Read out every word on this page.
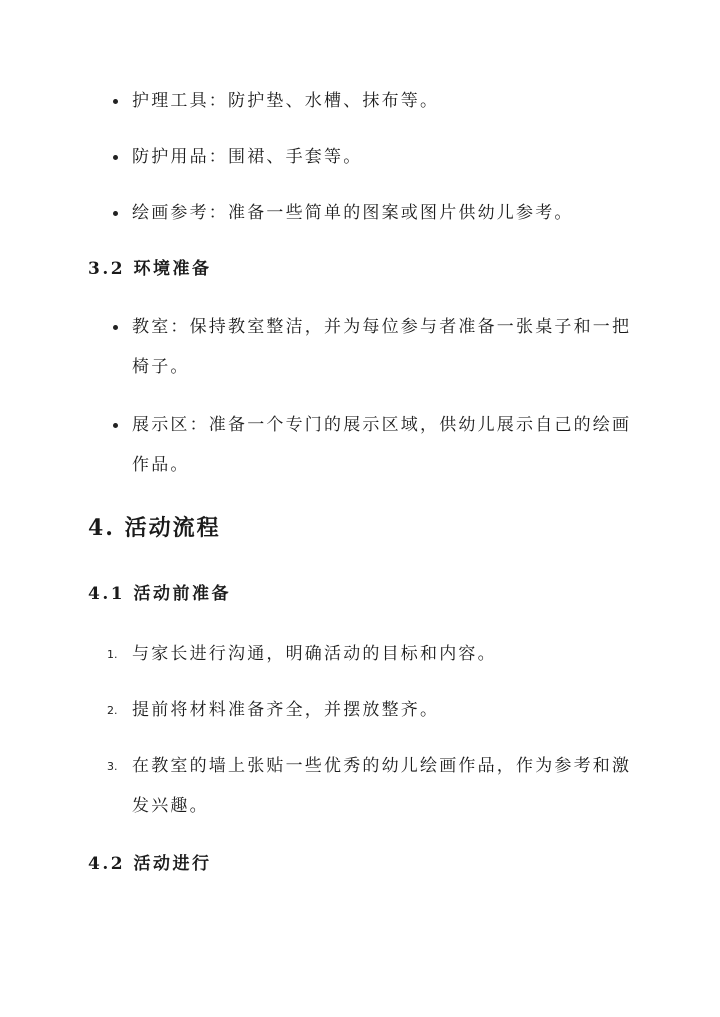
护理工具：防护垫、水槽、抹布等。
防护用品：围裙、手套等。
绘画参考：准备一些简单的图案或图片供幼儿参考。
3.2 环境准备
教室：保持教室整洁，并为每位参与者准备一张桌子和一把
椅子。
展示区：准备一个专门的展示区域，供幼儿展示自己的绘画
作品。
4. 活动流程
4.1 活动前准备
1. 与家长进行沟通，明确活动的目标和内容。
2. 提前将材料准备齐全，并摆放整齐。
3. 在教室的墙上张贴一些优秀的幼儿绘画作品，作为参考和激
发兴趣。
4.2 活动进行
